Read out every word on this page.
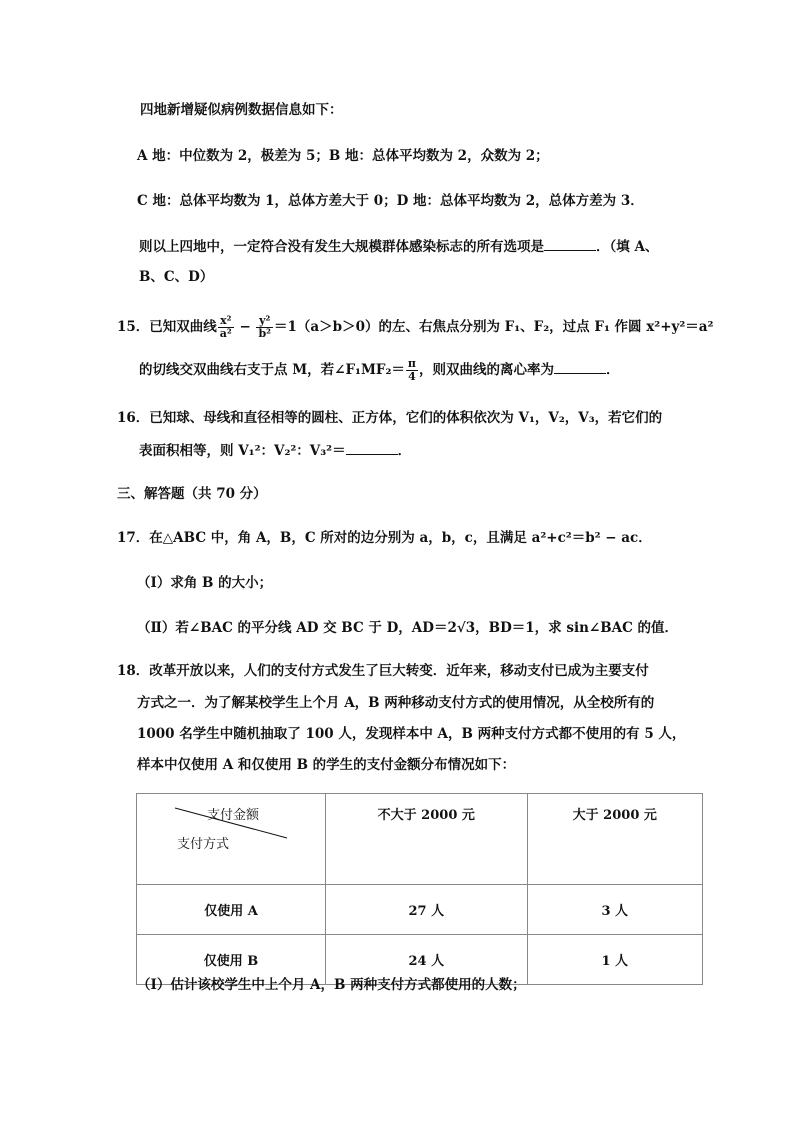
四地新增疑似病例数据信息如下：
A 地：中位数为 2，极差为 5；B 地：总体平均数为 2，众数为 2；
C 地：总体平均数为 1，总体方差大于 0；D 地：总体平均数为 2，总体方差为 3．
则以上四地中，一定符合没有发生大规模群体感染标志的所有选项是	．（填 A、
B、C、D）
15．已知双曲线 $\frac{\text{x²}}{\text{a²}} - \frac{\text{y²}}{\text{b²}} =1(a>b>0)$的左、右焦点分别为 F₁、F₂，过点 F₁ 作圆 x²+y²＝a²
的切线交双曲线右支于点 M，若∠F₁MF₂＝ $\frac{\pi}{4}$ ，则双曲线的离心率为	．
16．已知球、母线和直径相等的圆柱、正方体，它们的体积依次为 V₁，V₂，V₃，若它们的
表面积相等，则 V₁²：V₂²：V₃²＝	．
三、解答题（共 70 分）
17．在△ABC 中，角 A，B，C 所对的边分别为 a，b，c，且满足 a²+c²＝b² − ac．
（Ⅰ）求角 B 的大小；
（Ⅱ）若∠BAC 的平分线 AD 交 BC 于 D，AD＝2√3，BD＝1，求 sin∠BAC 的值．
18．改革开放以来，人们的支付方式发生了巨大转变．近年来，移动支付已成为主要支付
方式之一．为了解某校学生上个月 A，B 两种移动支付方式的使用情况，从全校所有的
1000 名学生中随机抽取了 100 人，发现样本中 A，B 两种支付方式都不使用的有 5 人，
样本中仅使用 A 和仅使用 B 的学生的支付金额分布情况如下：
支付金额
支付方式	不大于 2000 元	大于 2000 元
仅使用 A	27 人	3 人
仅使用 B	24 人	1 人
（Ⅰ）估计该校学生中上个月 A，B 两种支付方式都使用的人数；
